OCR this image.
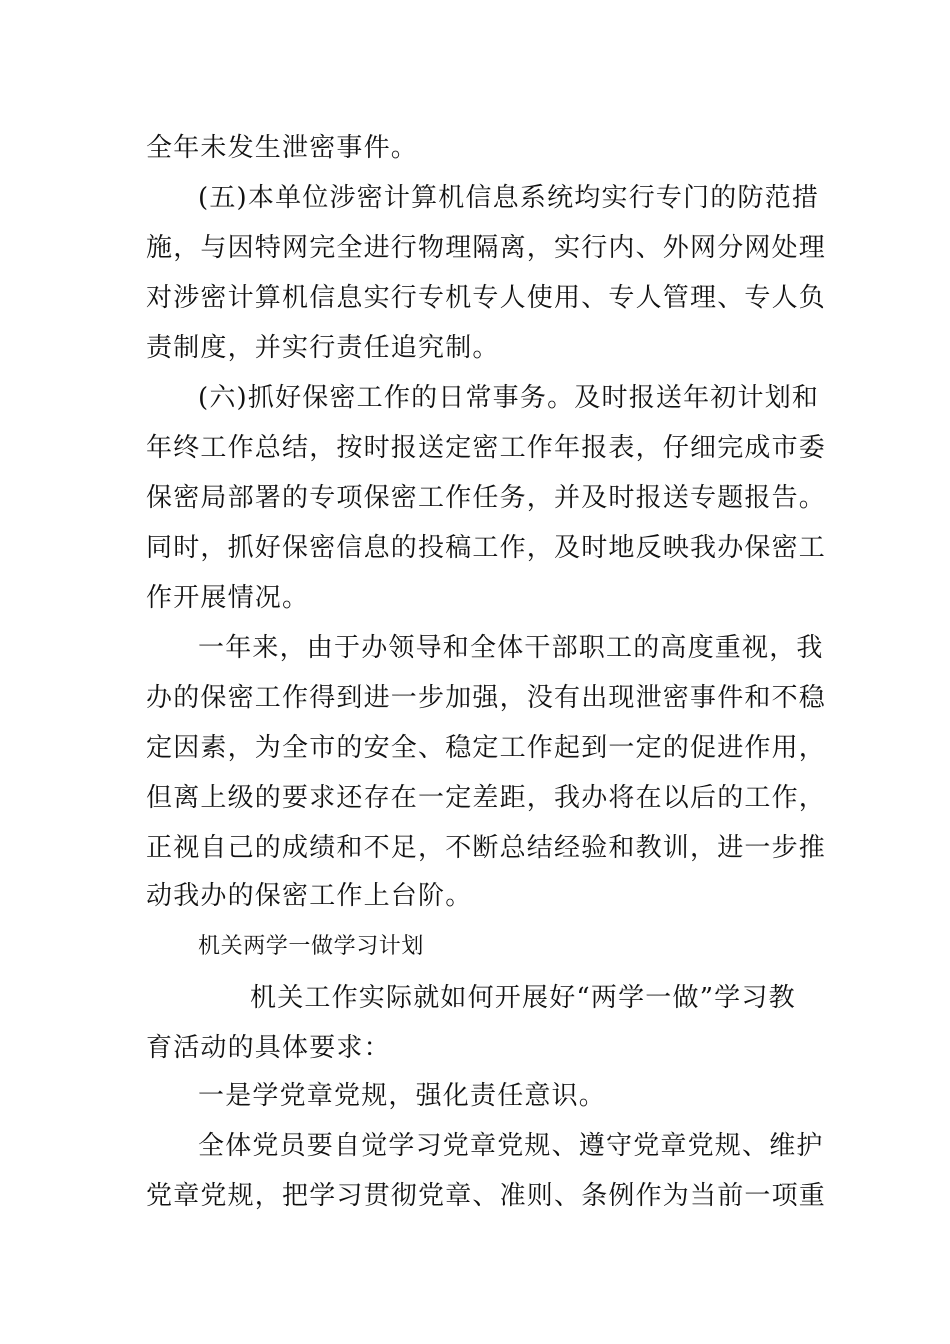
全年未发生泄密事件。
(五)本单位涉密计算机信息系统均实行专门的防范措
施，与因特网完全进行物理隔离，实行内、外网分网处理
对涉密计算机信息实行专机专人使用、专人管理、专人负
责制度，并实行责任追究制。
(六)抓好保密工作的日常事务。及时报送年初计划和
年终工作总结，按时报送定密工作年报表，仔细完成市委
保密局部署的专项保密工作任务，并及时报送专题报告。
同时，抓好保密信息的投稿工作，及时地反映我办保密工
作开展情况。
一年来，由于办领导和全体干部职工的高度重视，我
办的保密工作得到进一步加强，没有出现泄密事件和不稳
定因素，为全市的安全、稳定工作起到一定的促进作用，
但离上级的要求还存在一定差距，我办将在以后的工作，
正视自己的成绩和不足，不断总结经验和教训，进一步推
动我办的保密工作上台阶。
机关两学一做学习计划
机关工作实际就如何开展好“两学一做”学习教
育活动的具体要求：
一是学党章党规，强化责任意识。
全体党员要自觉学习党章党规、遵守党章党规、维护
党章党规，把学习贯彻党章、准则、条例作为当前一项重
